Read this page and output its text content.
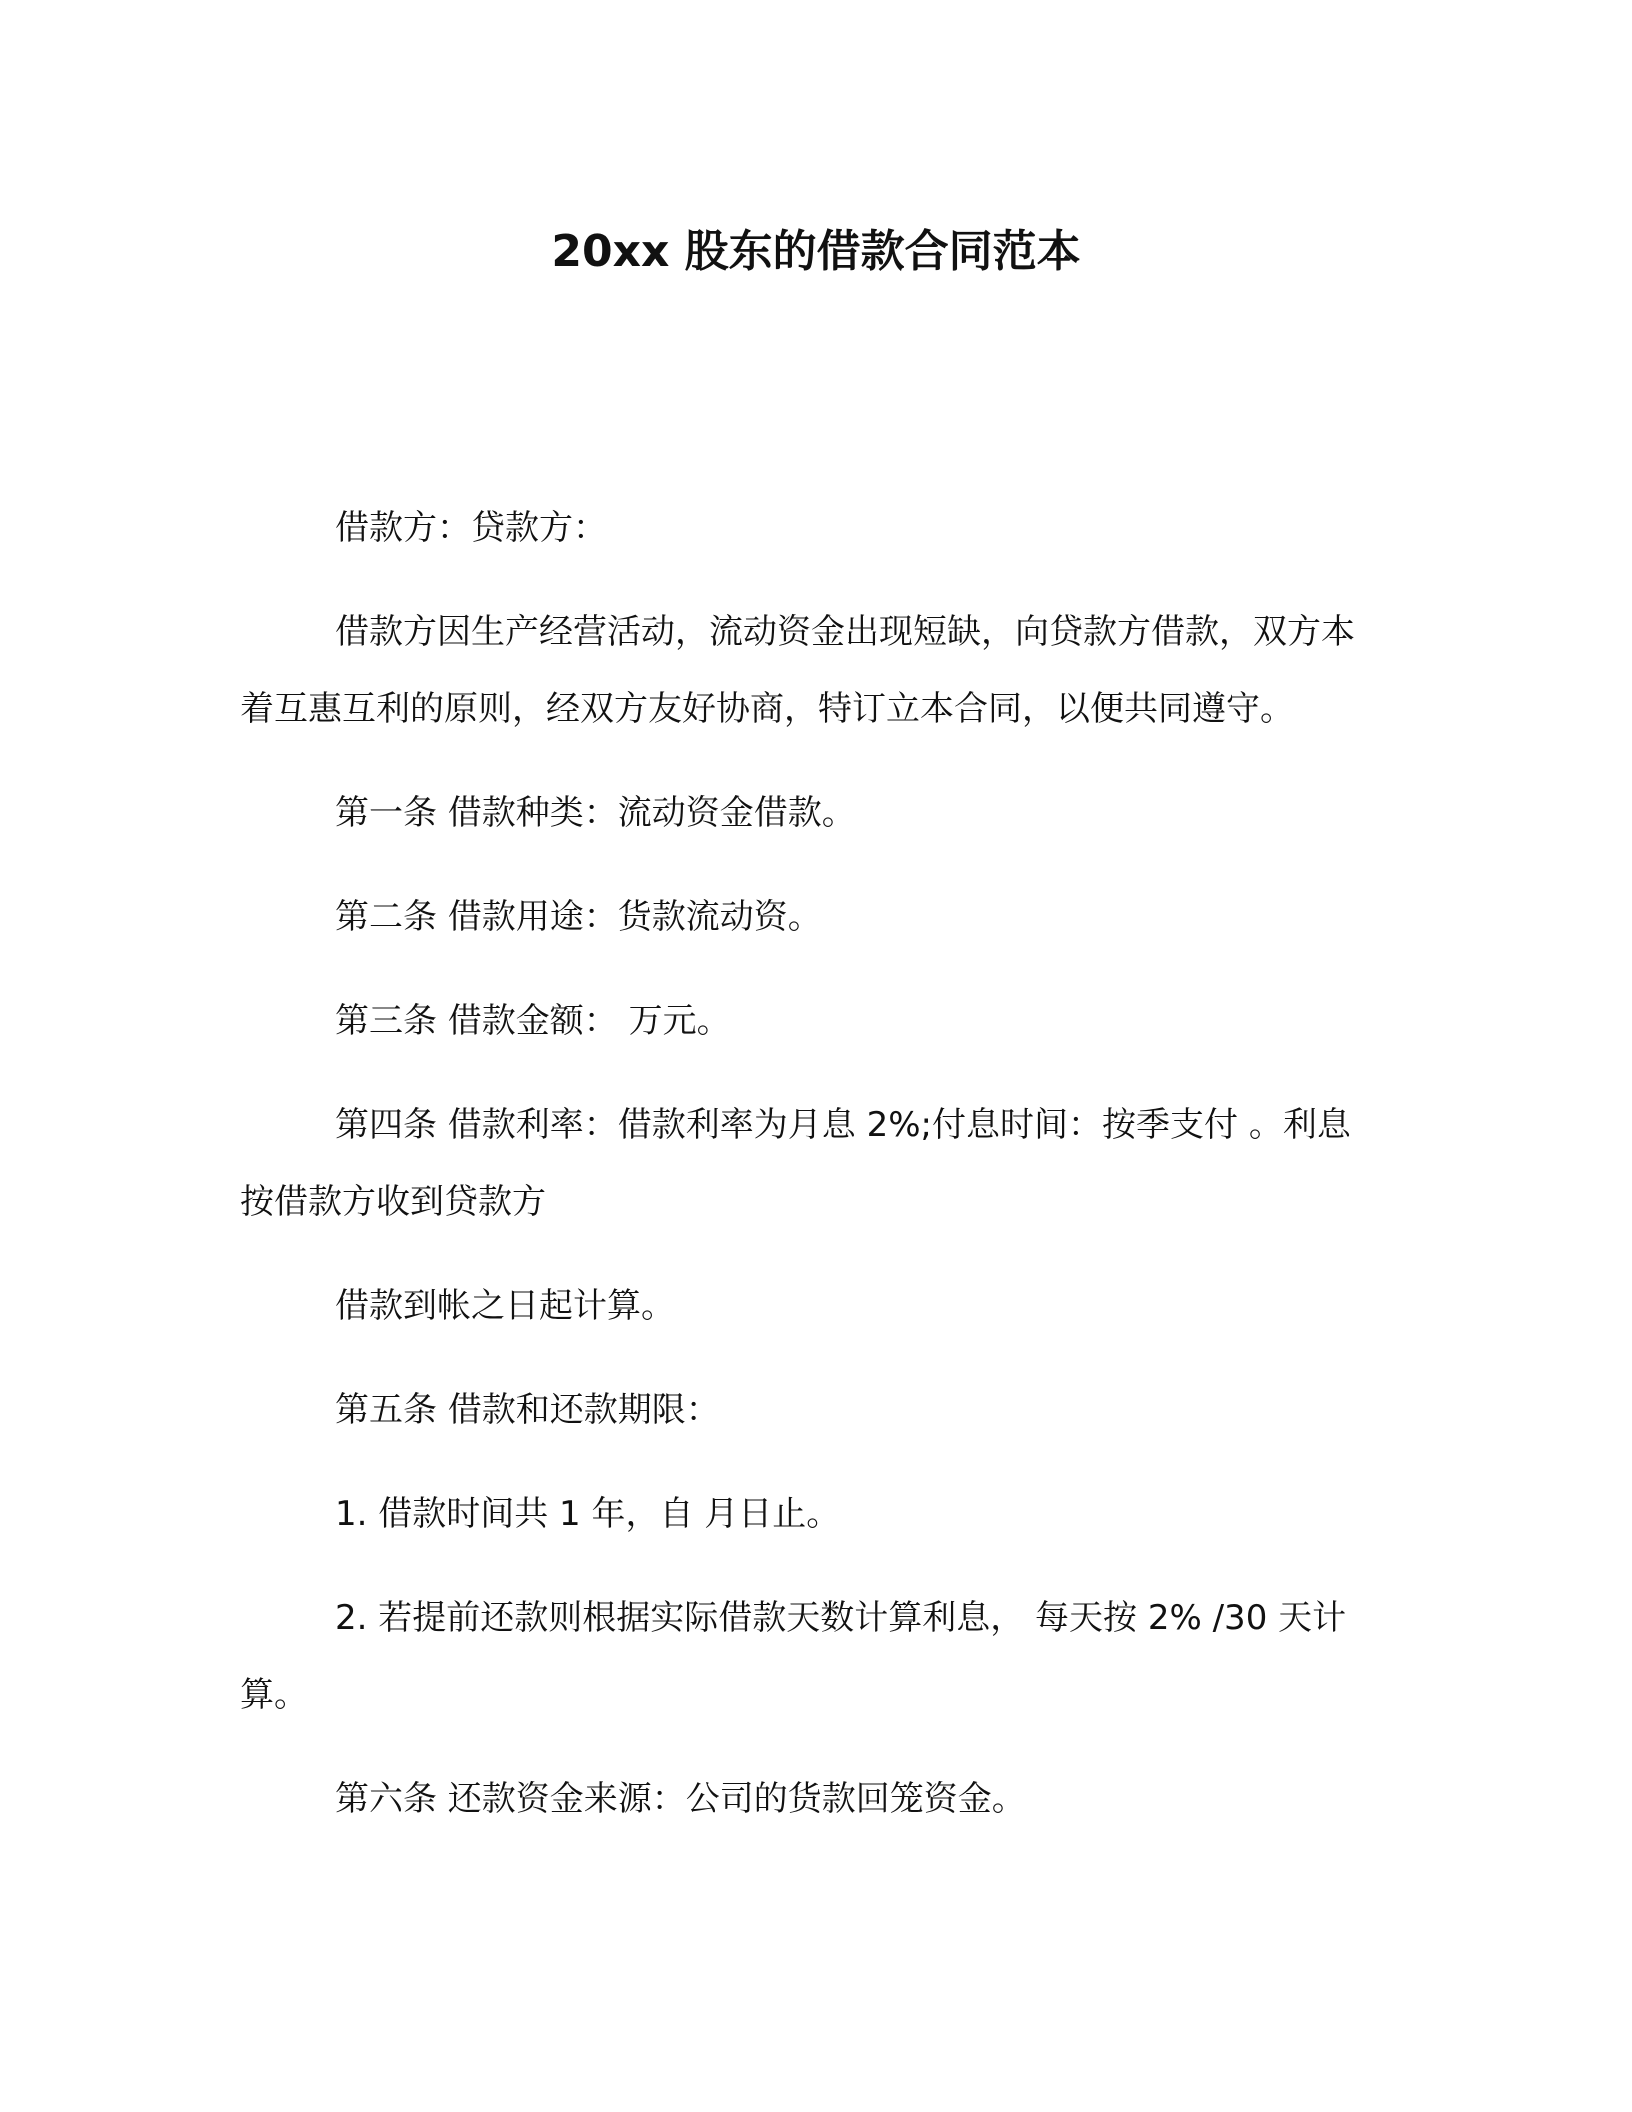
20xx 股东的借款合同范本

借款方：贷款方：

借款方因生产经营活动，流动资金出现短缺，向贷款方借款，双方本着互惠互利的原则，经双方友好协商，特订立本合同，以便共同遵守。

第一条 借款种类：流动资金借款。

第二条 借款用途：货款流动资。

第三条 借款金额： 万元。

第四条 借款利率：借款利率为月息 2%;付息时间：按季支付 。利息按借款方收到贷款方

借款到帐之日起计算。

第五条 借款和还款期限：

1. 借款时间共 1 年，自 月日止。

2. 若提前还款则根据实际借款天数计算利息， 每天按 2% /30 天计算。

第六条 还款资金来源：公司的货款回笼资金。
